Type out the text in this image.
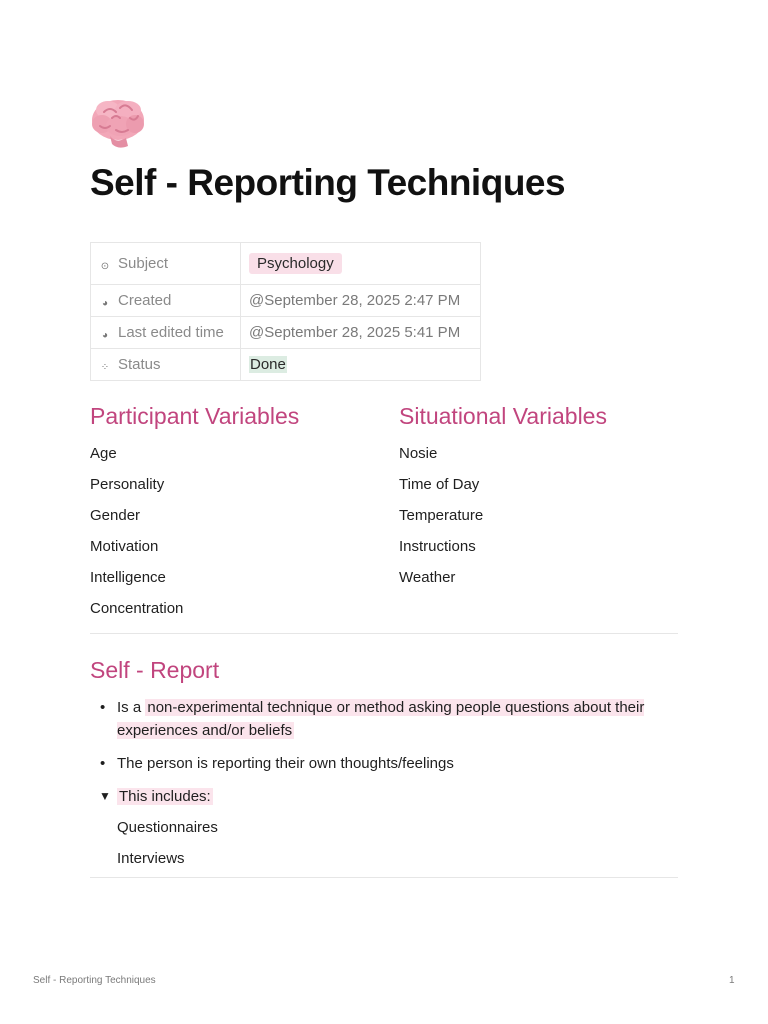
Self - Reporting Techniques
⊙ Subject	Psychology
◕ Created	@September 28, 2025 2:47 PM
◕ Last edited time	@September 28, 2025 5:41 PM
⁘ Status	Done
Participant Variables
Age
Personality
Gender
Motivation
Intelligence
Concentration
Situational Variables
Nosie
Time of Day
Temperature
Instructions
Weather
Self - Report
• Is a non-experimental technique or method asking people questions about their experiences and/or beliefs
• The person is reporting their own thoughts/feelings
▼ This includes:
Questionnaires
Interviews
Self - Reporting Techniques	1
